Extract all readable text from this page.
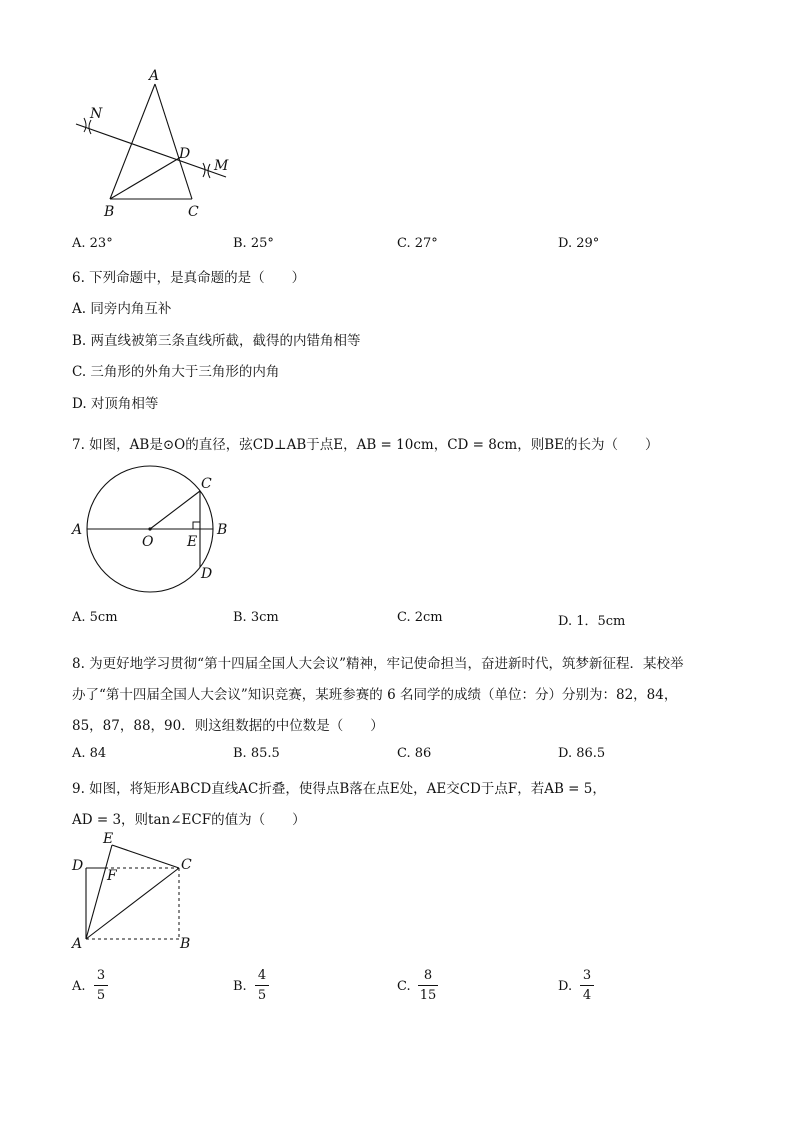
A
N
D
M
B	C
A. 23°	B. 25°	C. 27°	D. 29°
6. 下列命题中，是真命题的是（　　）
A. 同旁内角互补
B. 两直线被第三条直线所截，截得的内错角相等
C. 三角形的外角大于三角形的内角
D. 对顶角相等
7. 如图，AB是⊙O的直径，弦CD⊥AB于点E，AB = 10cm，CD = 8cm，则BE的长为（　　）
A
O E
B
C
D
A. 5cm	B. 3cm	C. 2cm	D. 1．5cm
8. 为更好地学习贯彻“第十四届全国人大会议”精神，牢记使命担当，奋进新时代，筑梦新征程．某校举
办了“第十四届全国人大会议”知识竞赛，某班参赛的 6 名同学的成绩（单位：分）分别为：82，84，
85，87，88，90．则这组数据的中位数是（　　）
A. 84	B. 85.5	C. 86	D. 86.5
9. 如图，将矩形ABCD直线AC折叠，使得点B落在点E处，AE交CD于点F，若AB = 5，
AD = 3，则tan∠ECF的值为（　　）
E
D
F
C
A	B
A.
3
5
B.
4
5
C.
8
15
D.
3
4
